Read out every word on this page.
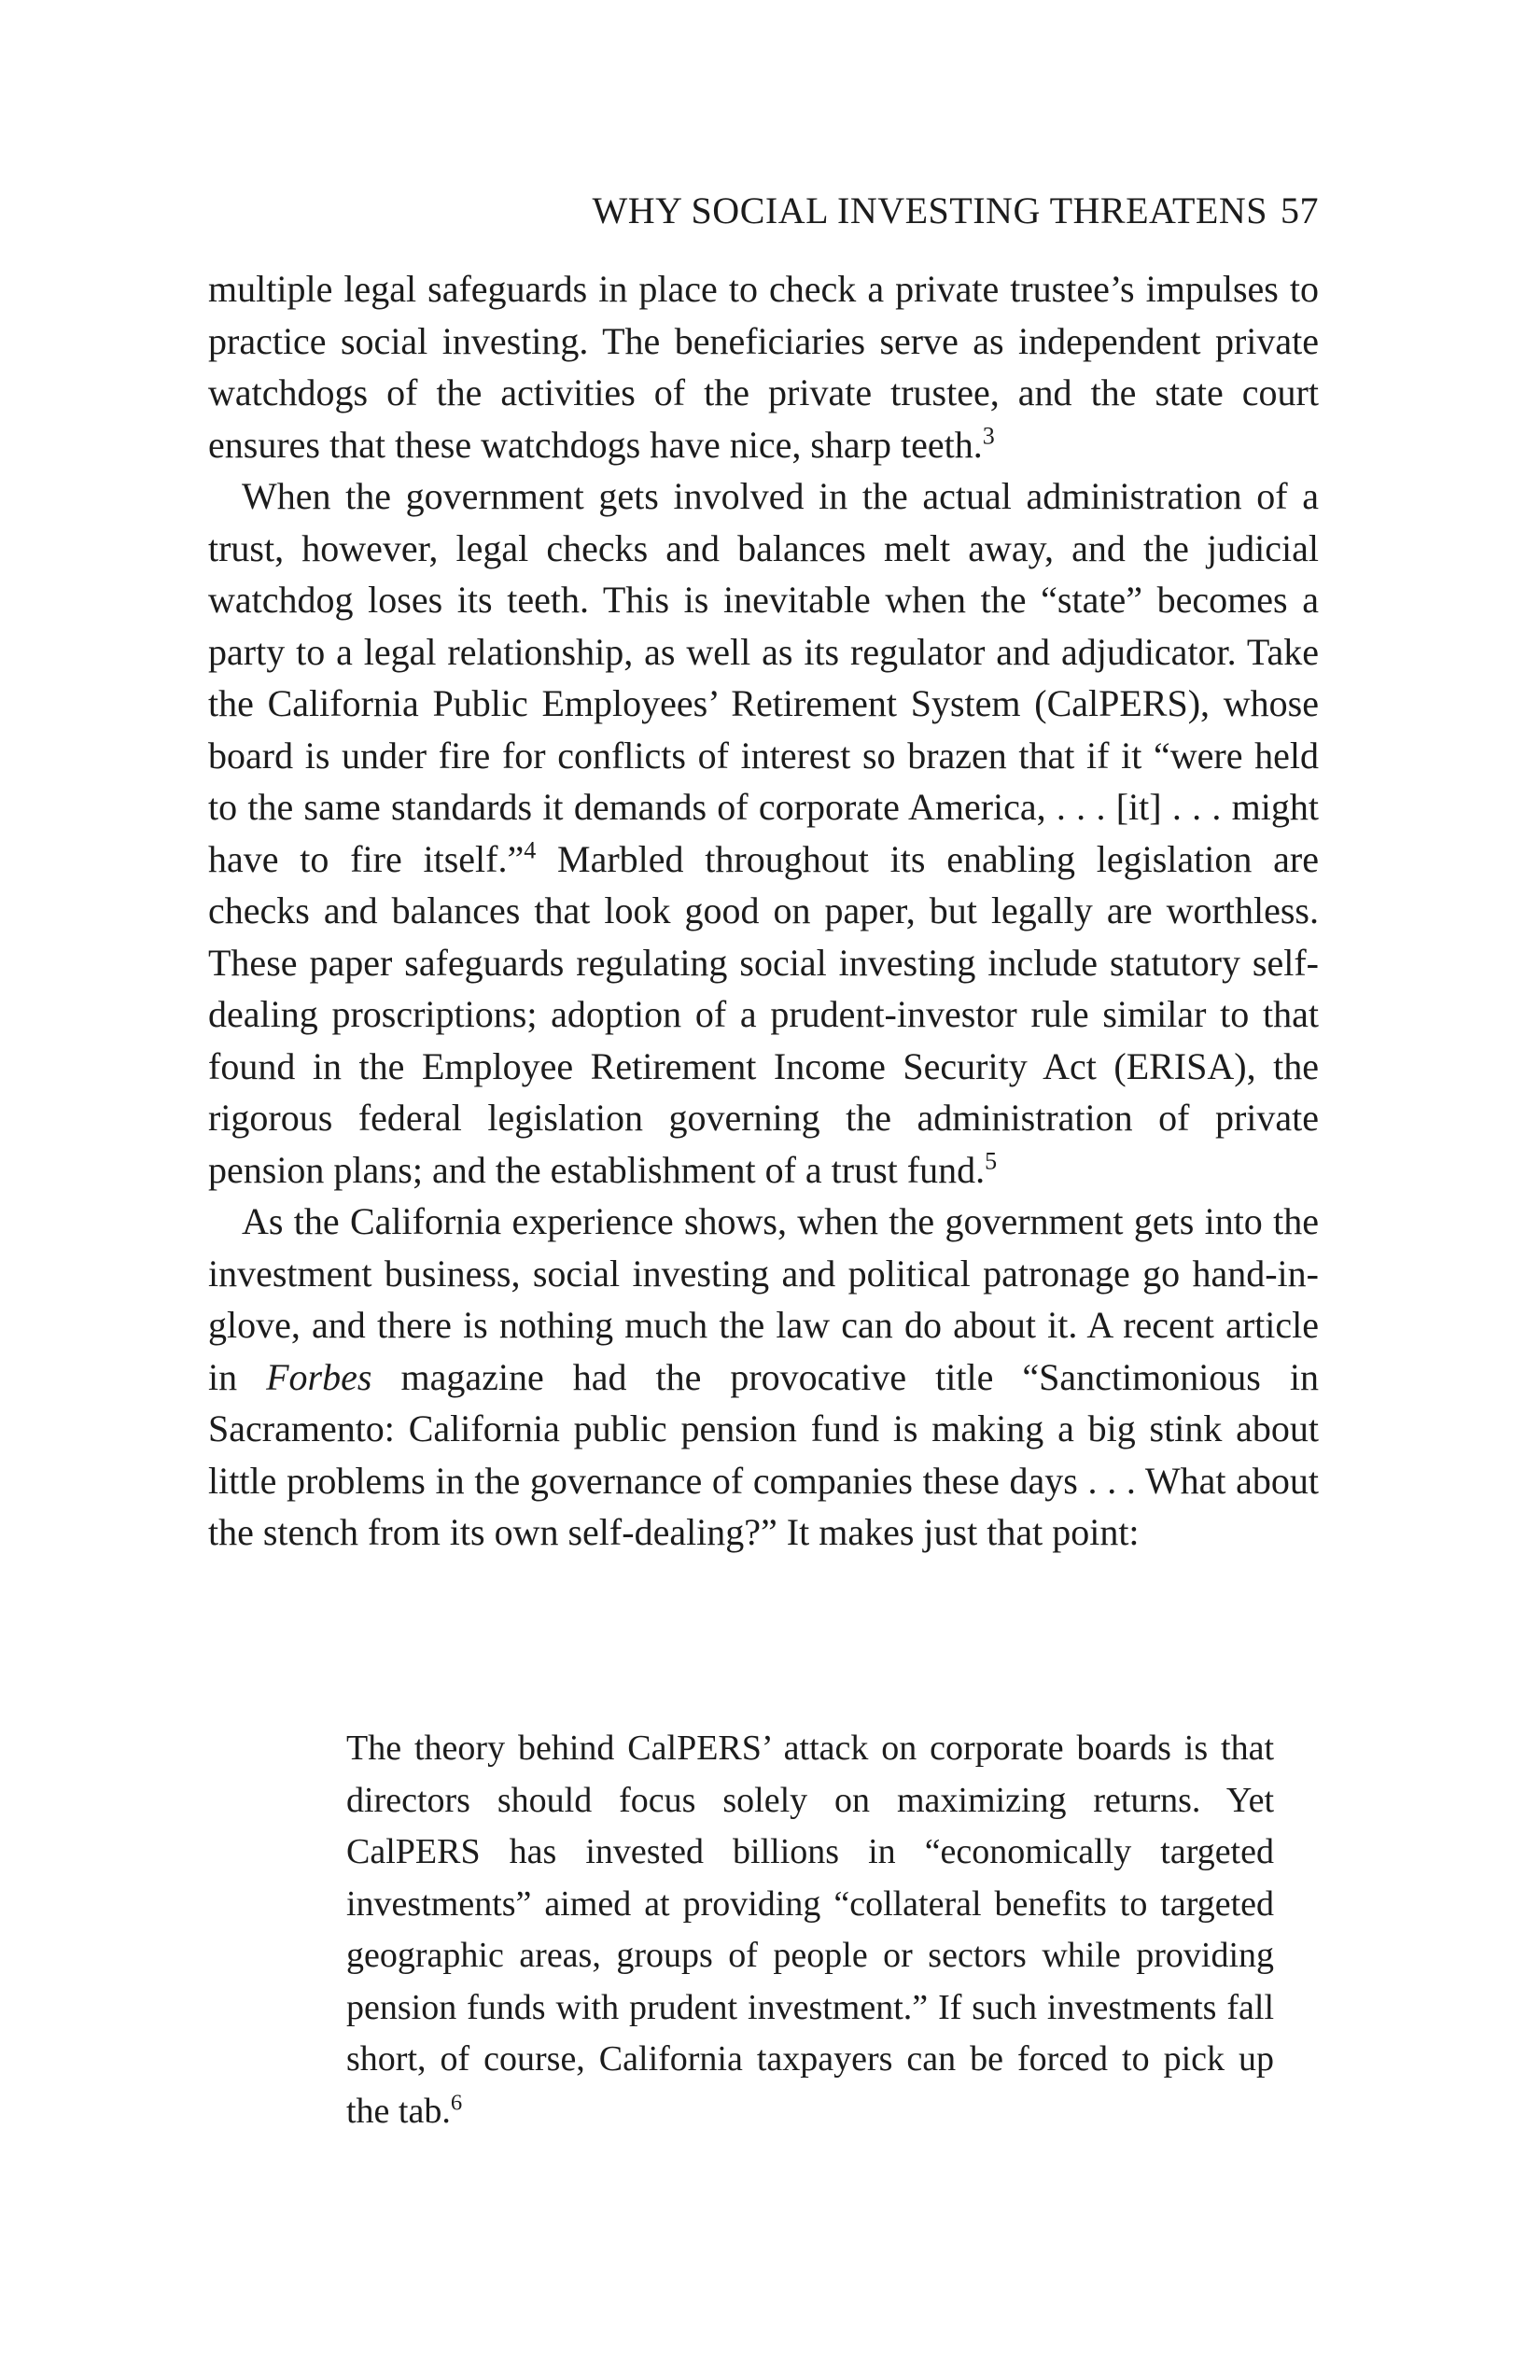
WHY SOCIAL INVESTING THREATENS 57

multiple legal safeguards in place to check a private trustee’s impulses to practice social investing. The beneficiaries serve as independent private watchdogs of the activities of the private trustee, and the state court ensures that these watchdogs have nice, sharp teeth.$^3$

When the government gets involved in the actual administration of a trust, however, legal checks and balances melt away, and the judicial watchdog loses its teeth. This is inevitable when the “state” becomes a party to a legal relationship, as well as its regulator and adjudicator. Take the California Public Employees’ Retirement System (CalPERS), whose board is under fire for conflicts of interest so brazen that if it “were held to the same standards it demands of corporate America, . . . [it] . . . might have to fire itself.”$^4$ Marbled throughout its enabling legislation are checks and balances that look good on paper, but legally are worthless. These paper safeguards regulating social investing include statutory self-dealing proscriptions; adoption of a prudent-investor rule similar to that found in the Employee Retirement Income Security Act (ERISA), the rigorous federal legislation governing the administration of private pension plans; and the establishment of a trust fund.$^5$

As the California experience shows, when the government gets into the investment business, social investing and political patronage go hand-in-glove, and there is nothing much the law can do about it. A recent article in Forbes magazine had the provocative title “Sanctimonious in Sacramento: California public pension fund is making a big stink about little problems in the governance of companies these days . . . What about the stench from its own self-dealing?” It makes just that point:

The theory behind CalPERS’ attack on corporate boards is that directors should focus solely on maximizing returns. Yet CalPERS has invested billions in “economically targeted investments” aimed at providing “collateral benefits to targeted geographic areas, groups of people or sectors while providing pension funds with prudent investment.” If such investments fall short, of course, California taxpayers can be forced to pick up the tab.$^6$
